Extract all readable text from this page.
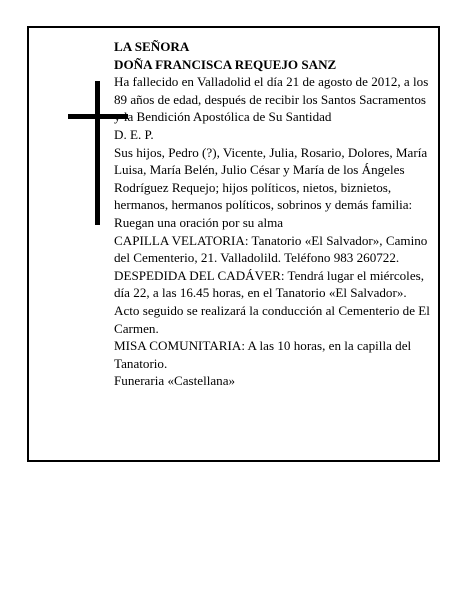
LA SEÑORA

DOÑA FRANCISCA REQUEJO SANZ

Ha fallecido en Valladolid el día 21 de agosto de 2012, a los 89 años de edad, después de recibir los Santos Sacramentos y la Bendición Apostólica de Su Santidad

D. E. P.

Sus hijos, Pedro (?), Vicente, Julia, Rosario, Dolores, María Luisa, María Belén, Julio César y María de los Ángeles Rodríguez Requejo; hijos políticos, nietos, biznietos, hermanos, hermanos políticos, sobrinos y demás familia:

Ruegan una oración por su alma

CAPILLA VELATORIA: Tanatorio «El Salvador», Camino del Cementerio, 21. Valladolild. Teléfono 983 260722.

DESPEDIDA DEL CADÁVER: Tendrá lugar el miércoles, día 22, a las 16.45 horas, en el Tanatorio «El Salvador». Acto seguido se realizará la conducción al Cementerio de El Carmen.

MISA COMUNITARIA: A las 10 horas, en la capilla del Tanatorio.

Funeraria «Castellana»
